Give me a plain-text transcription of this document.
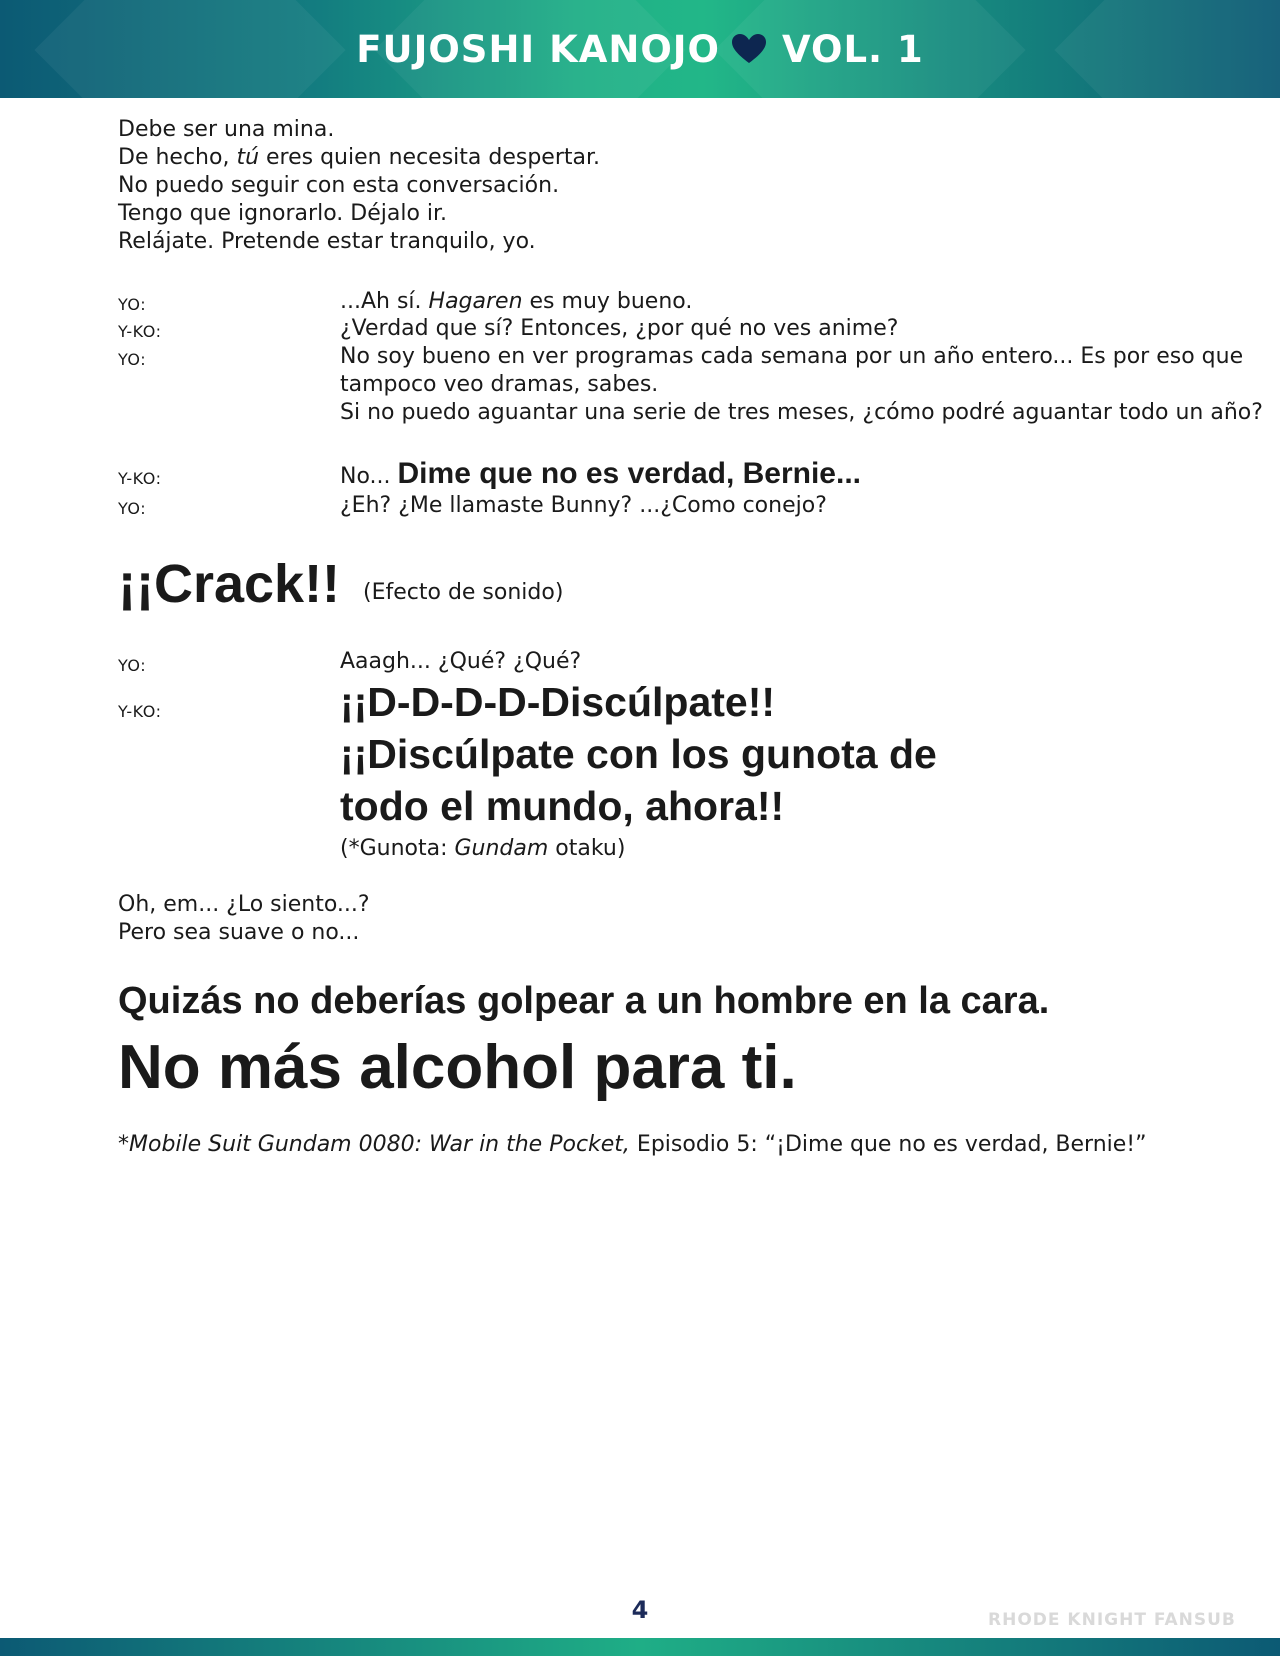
FUJOSHI KANOJO VOL. 1
Debe ser una mina.
De hecho, tú eres quien necesita despertar.
No puedo seguir con esta conversación.
Tengo que ignorarlo. Déjalo ir.
Relájate. Pretende estar tranquilo, yo.
YO:	...Ah sí. Hagaren es muy bueno.
Y-KO:	¿Verdad que sí? Entonces, ¿por qué no ves anime?
YO:	No soy bueno en ver programas cada semana por un año entero... Es por eso que tampoco veo dramas, sabes.
Si no puedo aguantar una serie de tres meses, ¿cómo podré aguantar todo un año?
Y-KO:	No... Dime que no es verdad, Bernie...
YO:	¿Eh? ¿Me llamaste Bunny? ...¿Como conejo?
¡¡Crack!! (Efecto de sonido)
YO:	Aaagh... ¿Qué? ¿Qué?
Y-KO:	¡¡D-D-D-D-Discúlpate!!
¡¡Discúlpate con los gunota de
todo el mundo, ahora!!
(*Gunota: Gundam otaku)
Oh, em... ¿Lo siento...?
Pero sea suave o no...
Quizás no deberías golpear a un hombre en la cara.
No más alcohol para ti.
*Mobile Suit Gundam 0080: War in the Pocket, Episodio 5: “¡Dime que no es verdad, Bernie!”
4	RHODE KNIGHT FANSUB
